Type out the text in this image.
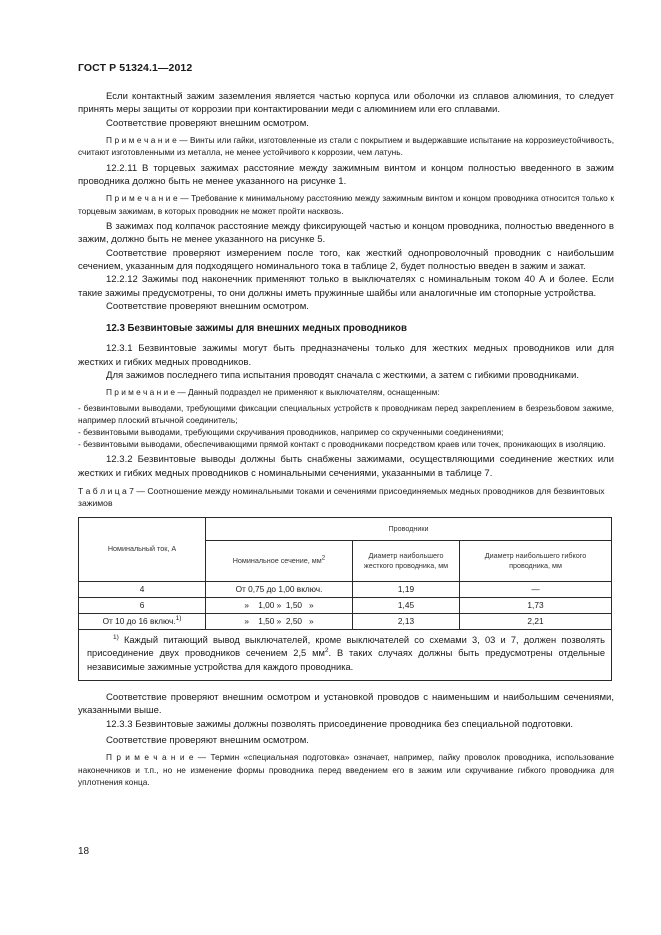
ГОСТ Р 51324.1—2012

Если контактный зажим заземления является частью корпуса или оболочки из сплавов алюминия, то следует принять меры защиты от коррозии при контактировании меди с алюминием или его сплавами.

Соответствие проверяют внешним осмотром.

П р и м е ч а н и е — Винты или гайки, изготовленные из стали с покрытием и выдержавшие испытание на коррозиеустойчивость, считают изготовленными из металла, не менее устойчивого к коррозии, чем латунь.

12.2.11 В торцевых зажимах расстояние между зажимным винтом и концом полностью введенного в зажим проводника должно быть не менее указанного на рисунке 1.

П р и м е ч а н и е — Требование к минимальному расстоянию между зажимным винтом и концом проводника относится только к торцевым зажимам, в которых проводник не может пройти насквозь.

В зажимах под колпачок расстояние между фиксирующей частью и концом проводника, полностью введенного в зажим, должно быть не менее указанного на рисунке 5.

Соответствие проверяют измерением после того, как жесткий однопроволочный проводник с наибольшим сечением, указанным для подходящего номинального тока в таблице 2, будет полностью введен в зажим и зажат.

12.2.12 Зажимы под наконечник применяют только в выключателях с номинальным током 40 А и более. Если такие зажимы предусмотрены, то они должны иметь пружинные шайбы или аналогичные им стопорные устройства.

Соответствие проверяют внешним осмотром.

12.3 Безвинтовые зажимы для внешних медных проводников

12.3.1 Безвинтовые зажимы могут быть предназначены только для жестких медных проводников или для жестких и гибких медных проводников.

Для зажимов последнего типа испытания проводят сначала с жесткими, а затем с гибкими проводниками.

П р и м е ч а н и е — Данный подраздел не применяют к выключателям, оснащенным:

- безвинтовыми выводами, требующими фиксации специальных устройств к проводникам перед закреплением в безрезьбовом зажиме, например плоский втычной соединитель;

- безвинтовыми выводами, требующими скручивания проводников, например со скрученными соединениями;

- безвинтовыми выводами, обеспечивающими прямой контакт с проводниками посредством краев или точек, проникающих в изоляцию.

12.3.2 Безвинтовые выводы должны быть снабжены зажимами, осуществляющими соединение жестких или жестких и гибких медных проводников с номинальными сечениями, указанными в таблице 7.

Т а б л и ц а 7 — Соотношение между номинальными токами и сечениями присоединяемых медных проводников для безвинтовых зажимов

Номинальный ток, А	Проводники		
	Номинальное сечение, $мм^2$	Диаметр наибольшего жесткого проводника, мм	Диаметр наибольшего гибкого проводника, мм
4	От 0,75 до 1,00 включ.	1,19	—
6	»    1,00 »  1,50   »	1,45	1,73
От 10 до 16 включ.$^{1)}$	»    1,50 »  2,50   »	2,13	2,21
$^{1)}$ Каждый питающий вывод выключателей, кроме выключателей со схемами 3, 03 и 7, должен позволять присоединение двух проводников сечением 2,5 $мм^2$. В таких случаях должны быть предусмотрены отдельные независимые зажимные устройства для каждого проводника.			

Соответствие проверяют внешним осмотром и установкой проводов с наименьшим и наибольшим сечениями, указанными выше.

12.3.3 Безвинтовые зажимы должны позволять присоединение проводника без специальной подготовки.

Соответствие проверяют внешним осмотром.

П р и м е ч а н и е — Термин «специальная подготовка» означает, например, пайку проволок проводника, использование наконечников и т.п., но не изменение формы проводника перед введением его в зажим или скручивание гибкого проводника для уплотнения конца.

18
